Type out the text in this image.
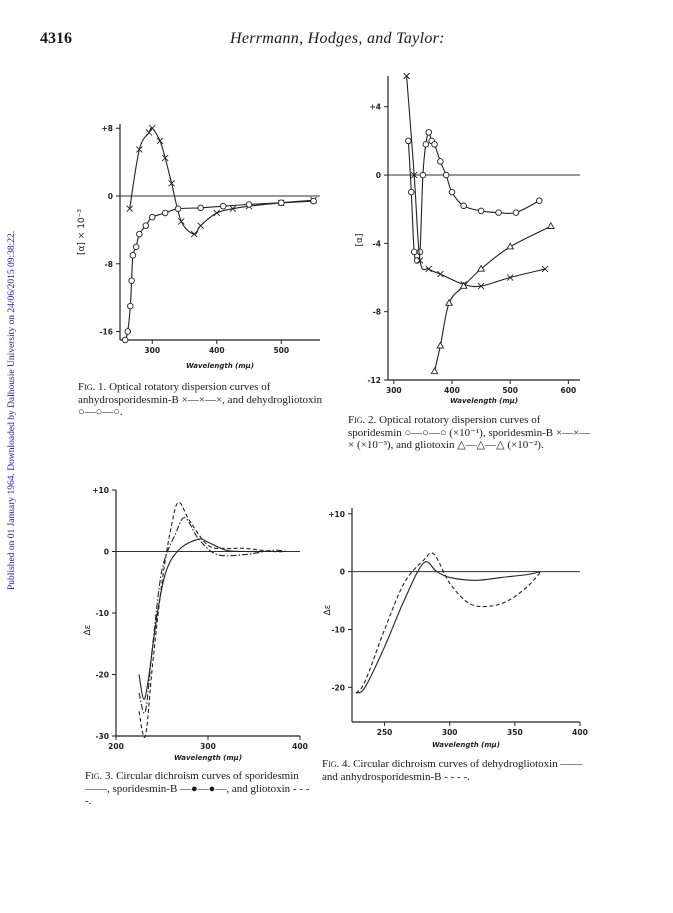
4316	Herrmann, Hodges, and Taylor:
Published on 01 January 1964. Downloaded by Dalhousie University on 24/06/2015 09:38:22.
+8
0
-8
-16
300	400	500
Wavelength (mμ)
[α] × 10⁻³
+4
0
-4
-8
-12
300	400	500	600
Wavelength (mμ)
[α]
+10
0
-10
-20
-30
200	300	400
Wavelength (mμ)
Δε
+10
0
-10
-20
250	300	350	400
Wavelength (mμ)
Δε
Fig. 1. Optical rotatory dispersion curves of anhydrosporidesmin-B ×—×—×, and dehydrogliotoxin ○—○—○.
Fig. 2. Optical rotatory dispersion curves of sporidesmin ○—○—○ (×10⁻¹), sporidesmin-B ×—×—× (×10⁻³), and gliotoxin △—△—△ (×10⁻²).
Fig. 3. Circular dichroism curves of sporidesmin ——, sporidesmin-B —●—●—, and gliotoxin - - - -.
Fig. 4. Circular dichroism curves of dehydrogliotoxin —— and anhydrosporidesmin-B - - - -.
